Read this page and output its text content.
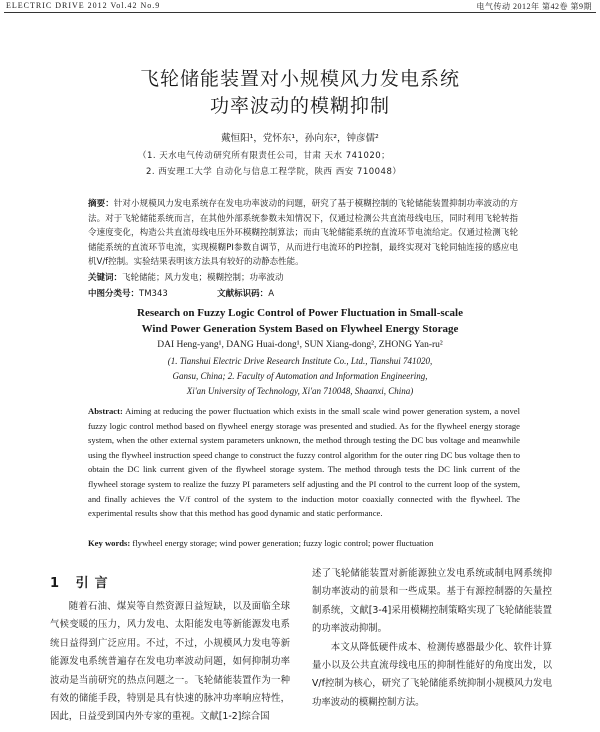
ELECTRIC DRIVE 2012 Vol.42 No.9	电气传动 2012年 第42卷 第9期
飞轮储能装置对小规模风力发电系统
功率波动的模糊抑制
戴恒阳¹，党怀东¹，孙向东²，钟彦儒²
（1. 天水电气传动研究所有限责任公司，甘肃 天水 741020；
2. 西安理工大学 自动化与信息工程学院，陕西 西安 710048）
摘要：针对小规模风力发电系统存在发电功率波动的问题，研究了基于模糊控制的飞轮储能装置抑制功率波动的方法。对于飞轮储能系统而言，在其他外部系统参数未知情况下，仅通过检测公共直流母线电压，同时利用飞轮转指令速度变化，构造公共直流母线电压外环模糊控制算法；而由飞轮储能系统的直流环节电流给定。仅通过检测飞轮储能系统的直流环节电流，实现模糊PI参数自调节，从而进行电流环的PI控制，最终实现对飞轮同轴连接的感应电机V/f控制。实验结果表明该方法具有较好的动静态性能。
关键词：飞轮储能；风力发电；模糊控制；功率波动
中图分类号：TM343	文献标识码：A
Research on Fuzzy Logic Control of Power Fluctuation in Small-scale
Wind Power Generation System Based on Flywheel Energy Storage
DAI Heng-yang¹, DANG Huai-dong¹, SUN Xiang-dong², ZHONG Yan-ru²
(1. Tianshui Electric Drive Research Institute Co., Ltd., Tianshui 741020,
Gansu, China; 2. Faculty of Automation and Information Engineering,
Xi'an University of Technology, Xi'an 710048, Shaanxi, China)
Abstract: Aiming at reducing the power fluctuation which exists in the small scale wind power generation system, a novel fuzzy logic control method based on flywheel energy storage was presented and studied. As for the flywheel energy storage system, when the other external system parameters unknown, the method through testing the DC bus voltage and meanwhile using the flywheel instruction speed change to construct the fuzzy control algorithm for the outer ring DC bus voltage then to obtain the DC link current given of the flywheel storage system. The method through tests the DC link current of the flywheel storage system to realize the fuzzy PI parameters self adjusting and the PI control to the current loop of the system, and finally achieves the V/f control of the system to the induction motor coaxially connected with the flywheel. The experimental results show that this method has good dynamic and static performance.
Key words: flywheel energy storage; wind power generation; fuzzy logic control; power fluctuation
1 引言

随着石油、煤炭等自然资源日益短缺，以及面临全球气候变暖的压力，风力发电、太阳能发电等新能源发电系统日益得到广泛应用。不过，不过，小规模风力发电等新能源发电系统普遍存在发电功率波动问题，如何抑制功率波动是当前研究的热点问题之一。飞轮储能装置作为一种有效的储能手段，特别是具有快速的脉冲功率响应特性，因此，日益受到国内外专家的重视。文献[1-2]综合国

述了飞轮储能装置对新能源独立发电系统或制电网系统抑制功率波动的前景和一些成果。基于有源控制器的矢量控制系统，文献[3-4]采用模糊控制策略实现了飞轮储能装置的功率波动抑制。

本文从降低硬件成本、检测传感器最少化、软件计算量小以及公共直流母线电压的抑制性能好的角度出发，以V/f控制为核心，研究了飞轮储能系统抑制小规模风力发电功率波动的模糊控制方法。
